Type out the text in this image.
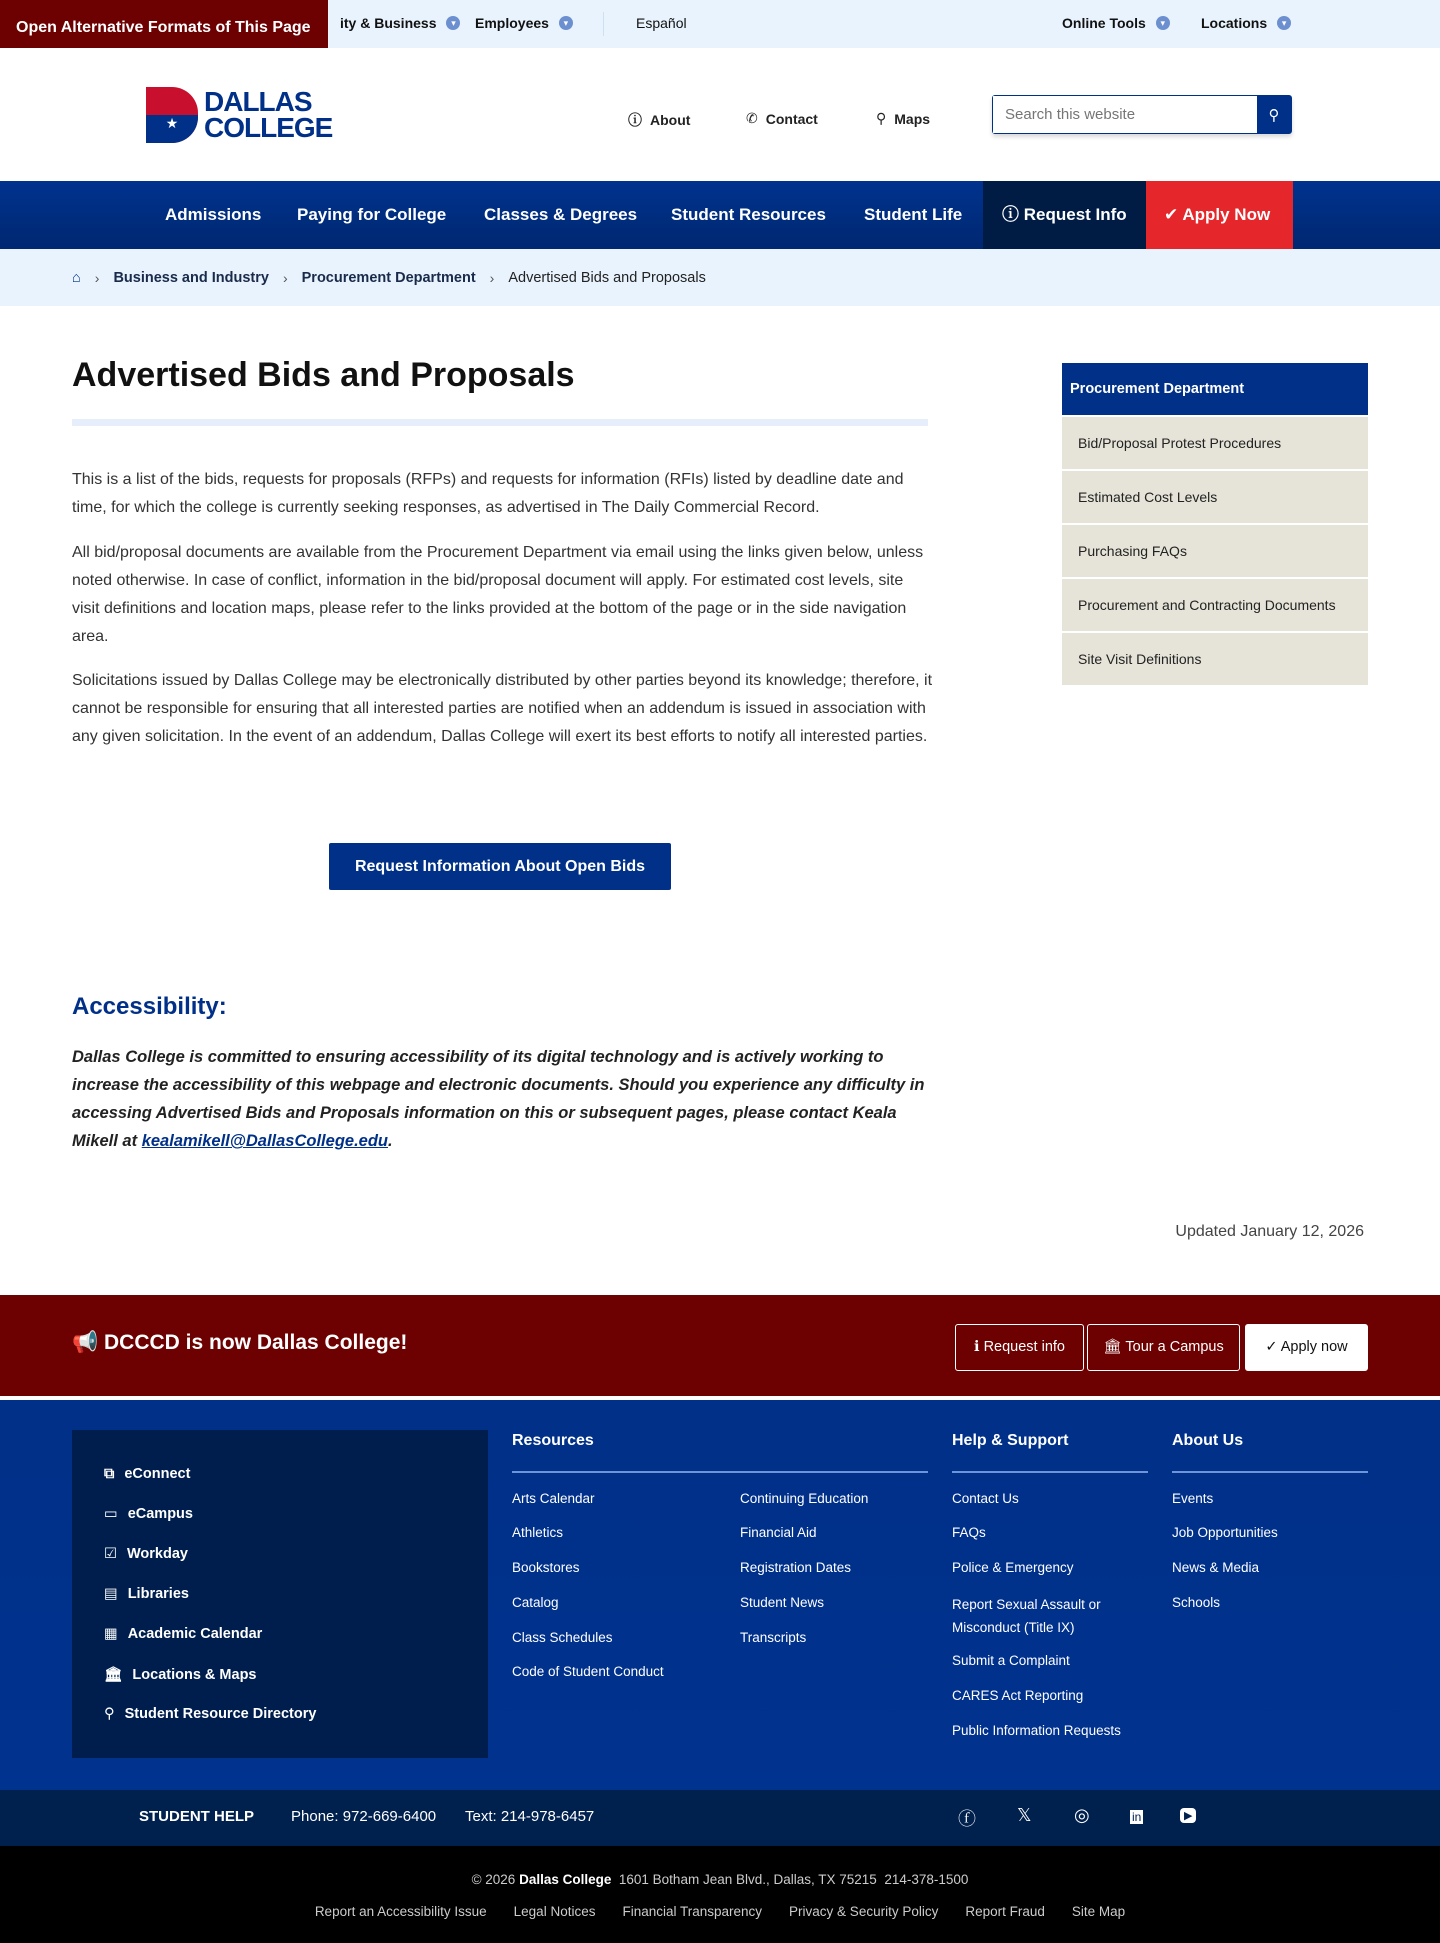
ity & Business	▾	Employees	▾	Español	Online Tools	▾	Locations	▾
Open Alternative Formats of This Page
★
DALLAS
COLLEGE	ⓘ About	✆ Contact	⚲ Maps
Search this website	⚲
Admissions Paying for College Classes & Degrees Student Resources Student Life	ⓘ Request Info	✔ Apply Now
⌂ › Business and Industry › Procurement Department › Advertised Bids and Proposals
Advertised Bids and Proposals

This is a list of the bids, requests for proposals (RFPs) and requests for information (RFIs) listed by deadline date and time, for which the college is currently seeking responses, as advertised in The Daily Commercial Record.

All bid/proposal documents are available from the Procurement Department via email using the links given below, unless noted otherwise. In case of conflict, information in the bid/proposal document will apply. For estimated cost levels, site visit definitions and location maps, please refer to the links provided at the bottom of the page or in the side navigation area.

Solicitations issued by Dallas College may be electronically distributed by other parties beyond its knowledge; therefore, it cannot be responsible for ensuring that all interested parties are notified when an addendum is issued in association with any given solicitation. In the event of an addendum, Dallas College will exert its best efforts to notify all interested parties.

Request Information About Open Bids
Accessibility:

Dallas College is committed to ensuring accessibility of its digital technology and is actively working to increase the accessibility of this webpage and electronic documents. Should you experience any difficulty in accessing Advertised Bids and Proposals information on this or subsequent pages, please contact Keala Mikell at kealamikell@DallasCollege.edu.

Updated January 12, 2026
Procurement Department
Bid/Proposal Protest Procedures
Estimated Cost Levels
Purchasing FAQs
Procurement and Contracting Documents
Site Visit Definitions
📢 DCCCD is now Dallas College!	ℹ Request info	🏛 Tour a Campus	✓ Apply now
⧉ eConnect
▭ eCampus
☑ Workday
▤ Libraries
▦ Academic Calendar
🏛 Locations & Maps
⚲ Student Resource Directory
Resources	Help & Support	About Us
Arts Calendar
Athletics
Bookstores
Catalog
Class Schedules
Code of Student Conduct
Continuing Education
Financial Aid
Registration Dates
Student News
Transcripts
Contact Us
FAQs
Police & Emergency
Report Sexual Assault or Misconduct (Title IX)
Submit a Complaint
CARES Act Reporting
Public Information Requests
Events
Job Opportunities
News & Media
Schools
STUDENT HELP Phone: 972-669-6400 Text: 214-978-6457	ⓕ 𝕏 ◎	in	▶
© 2026 Dallas College 1601 Botham Jean Blvd., Dallas, TX 75215 214-378-1500
Report an Accessibility Issue Legal Notices Financial Transparency Privacy & Security Policy Report Fraud Site Map
